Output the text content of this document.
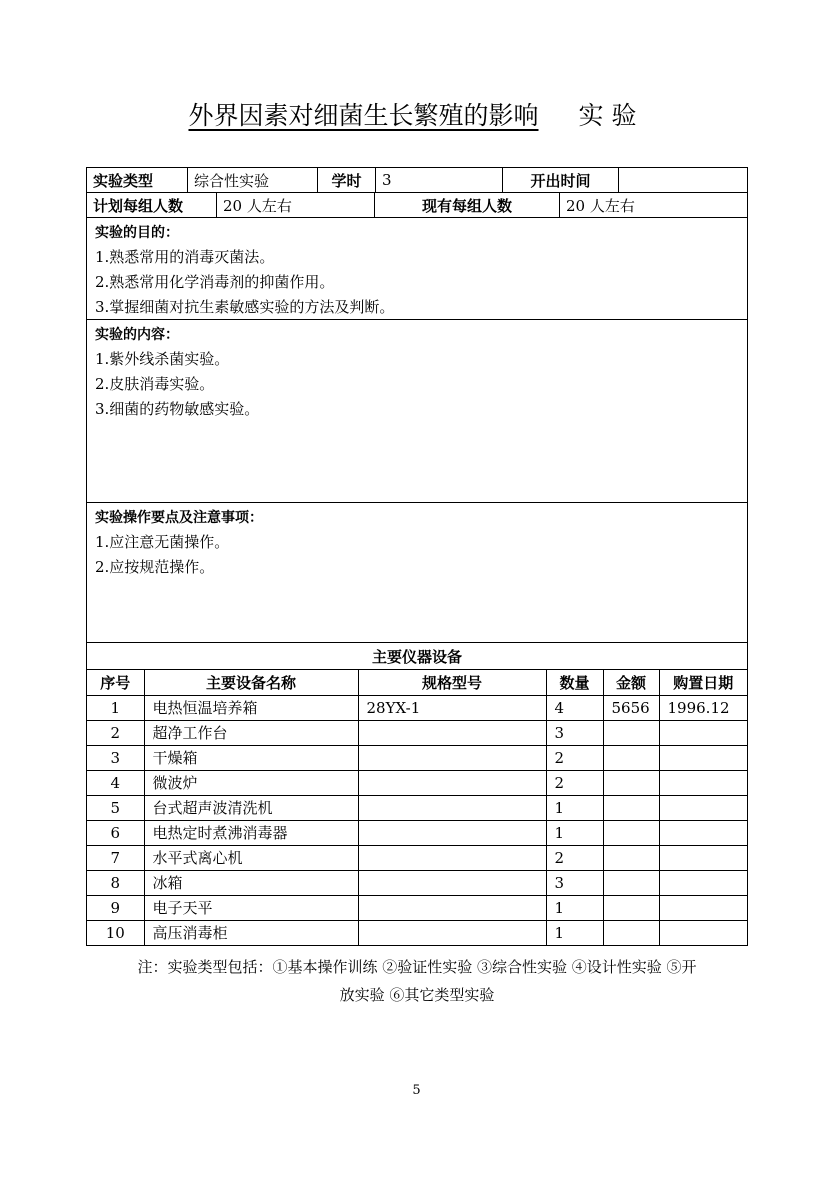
外界因素对细菌生长繁殖的影响 实验
实验类型	综合性实验	学时	3	开出时间
计划每组人数	20 人左右	现有每组人数	20 人左右
实验的目的：
1.熟悉常用的消毒灭菌法。
2.熟悉常用化学消毒剂的抑菌作用。
3.掌握细菌对抗生素敏感实验的方法及判断。
实验的内容：
1.紫外线杀菌实验。
2.皮肤消毒实验。
3.细菌的药物敏感实验。
实验操作要点及注意事项：
1.应注意无菌操作。
2.应按规范操作。
主要仪器设备
序号	主要设备名称	规格型号	数量	金额	购置日期
1	电热恒温培养箱	28YX-1	4	5656	1996.12
2	超净工作台		3		
3	干燥箱		2		
4	微波炉		2		
5	台式超声波清洗机		1		
6	电热定时煮沸消毒器		1		
7	水平式离心机		2		
8	冰箱		3		
9	电子天平		1		
10	高压消毒柜		1		
注：实验类型包括：①基本操作训练 ②验证性实验 ③综合性实验 ④设计性实验 ⑤开
放实验 ⑥其它类型实验
5
